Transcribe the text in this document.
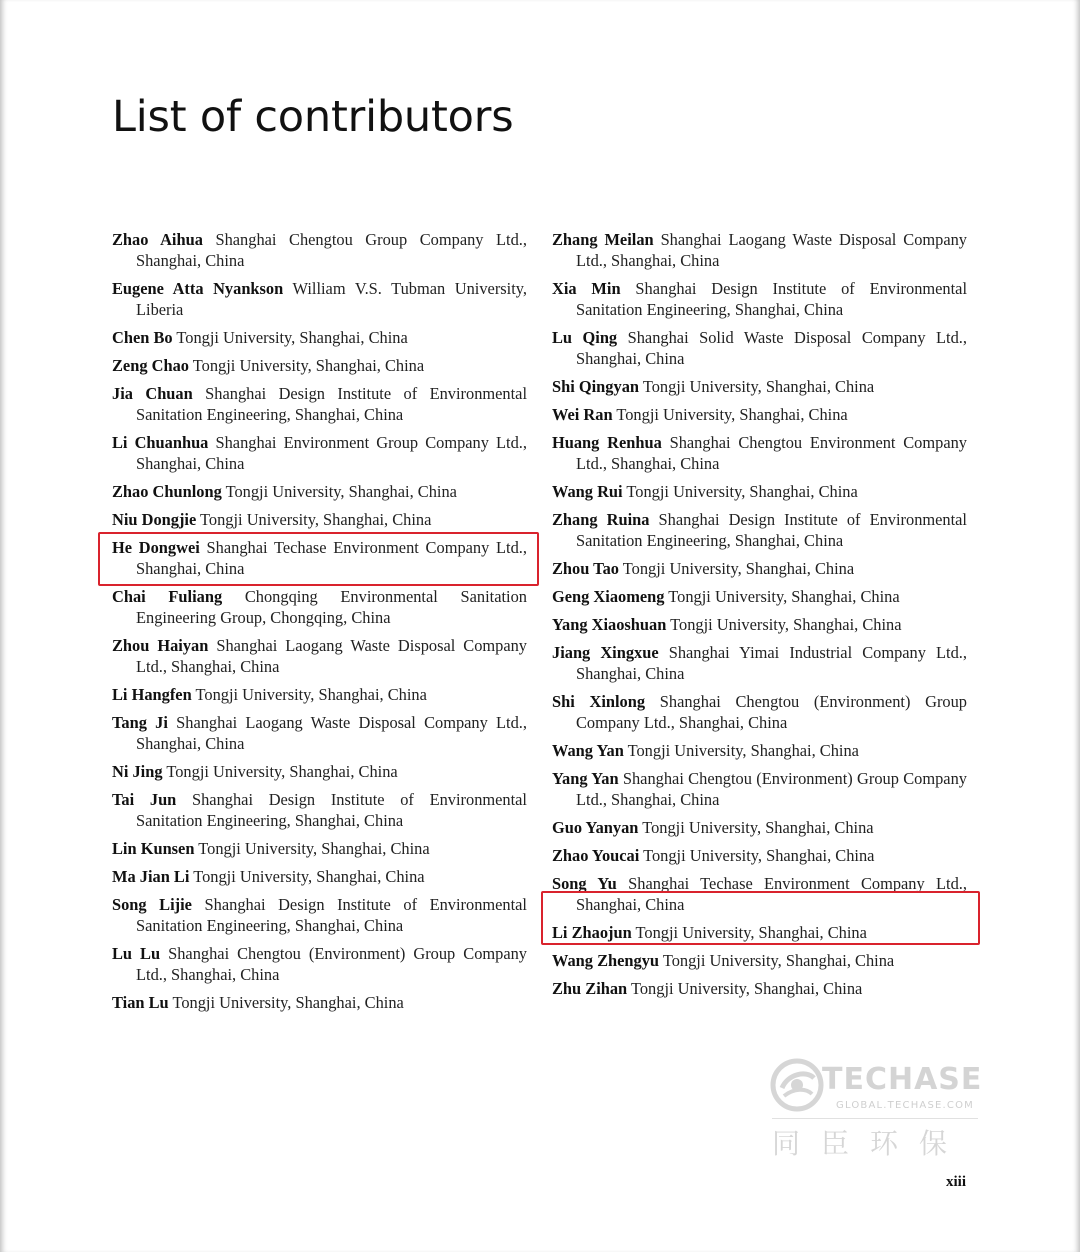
List of contributors

Zhao Aihua Shanghai Chengtou Group Company Ltd., Shanghai, China

Eugene Atta Nyankson William V.S. Tubman University, Liberia

Chen Bo Tongji University, Shanghai, China

Zeng Chao Tongji University, Shanghai, China

Jia Chuan Shanghai Design Institute of Environmental Sanitation Engineering, Shanghai, China

Li Chuanhua Shanghai Environment Group Company Ltd., Shanghai, China

Zhao Chunlong Tongji University, Shanghai, China

Niu Dongjie Tongji University, Shanghai, China

He Dongwei Shanghai Techase Environment Company Ltd., Shanghai, China

Chai Fuliang Chongqing Environmental Sanitation Engineering Group, Chongqing, China

Zhou Haiyan Shanghai Laogang Waste Disposal Company Ltd., Shanghai, China

Li Hangfen Tongji University, Shanghai, China

Tang Ji Shanghai Laogang Waste Disposal Company Ltd., Shanghai, China

Ni Jing Tongji University, Shanghai, China

Tai Jun Shanghai Design Institute of Environmental Sanitation Engineering, Shanghai, China

Lin Kunsen Tongji University, Shanghai, China

Ma Jian Li Tongji University, Shanghai, China

Song Lijie Shanghai Design Institute of Environmental Sanitation Engineering, Shanghai, China

Lu Lu Shanghai Chengtou (Environment) Group Company Ltd., Shanghai, China

Tian Lu Tongji University, Shanghai, China

Zhang Meilan Shanghai Laogang Waste Disposal Company Ltd., Shanghai, China

Xia Min Shanghai Design Institute of Environmental Sanitation Engineering, Shanghai, China

Lu Qing Shanghai Solid Waste Disposal Company Ltd., Shanghai, China

Shi Qingyan Tongji University, Shanghai, China

Wei Ran Tongji University, Shanghai, China

Huang Renhua Shanghai Chengtou Environment Company Ltd., Shanghai, China

Wang Rui Tongji University, Shanghai, China

Zhang Ruina Shanghai Design Institute of Environmental Sanitation Engineering, Shanghai, China

Zhou Tao Tongji University, Shanghai, China

Geng Xiaomeng Tongji University, Shanghai, China

Yang Xiaoshuan Tongji University, Shanghai, China

Jiang Xingxue Shanghai Yimai Industrial Company Ltd., Shanghai, China

Shi Xinlong Shanghai Chengtou (Environment) Group Company Ltd., Shanghai, China

Wang Yan Tongji University, Shanghai, China

Yang Yan Shanghai Chengtou (Environment) Group Company Ltd., Shanghai, China

Guo Yanyan Tongji University, Shanghai, China

Zhao Youcai Tongji University, Shanghai, China

Song Yu Shanghai Techase Environment Company Ltd., Shanghai, China

Li Zhaojun Tongji University, Shanghai, China

Wang Zhengyu Tongji University, Shanghai, China

Zhu Zihan Tongji University, Shanghai, China

TECHASE
GLOBAL.TECHASE.COM
同臣环保
xiii
